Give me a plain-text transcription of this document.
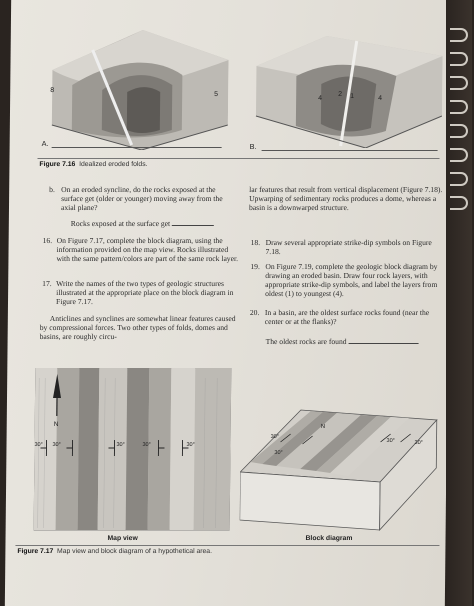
8
5
4
2 1	4
A.	B.
Figure 7.16 Idealized eroded folds.
b. On an eroded syncline, do the rocks exposed at the surface get (older or younger) moving away from the axial plane?
Rocks exposed at the surface get
16. On Figure 7.17, complete the block diagram, using the information provided on the map view. Rocks illustrated with the same pattern/colors are part of the same rock layer.
17. Write the names of the two types of geologic structures illustrated at the appropriate place on the block diagram in Figure 7.17.
Anticlines and synclines are somewhat linear features caused by compressional forces. Two other types of folds, domes and basins, are roughly circu-
lar features that result from vertical displacement (Figure 7.18). Upwarping of sedimentary rocks produces a dome, whereas a basin is a downwarped structure.
18. Draw several appropriate strike-dip symbols on Figure 7.18.
19. On Figure 7.19, complete the geologic block diagram by drawing an eroded basin. Draw four rock layers, with appropriate strike-dip symbols, and label the layers from oldest (1) to youngest (4).
20. In a basin, are the oldest surface rocks found (near the center or at the flanks)?
The oldest rocks are found
N
30° 30°	30°	30°	30°
Map view
N
30°
30°
30°	30°
Block diagram
Figure 7.17 Map view and block diagram of a hypothetical area.
